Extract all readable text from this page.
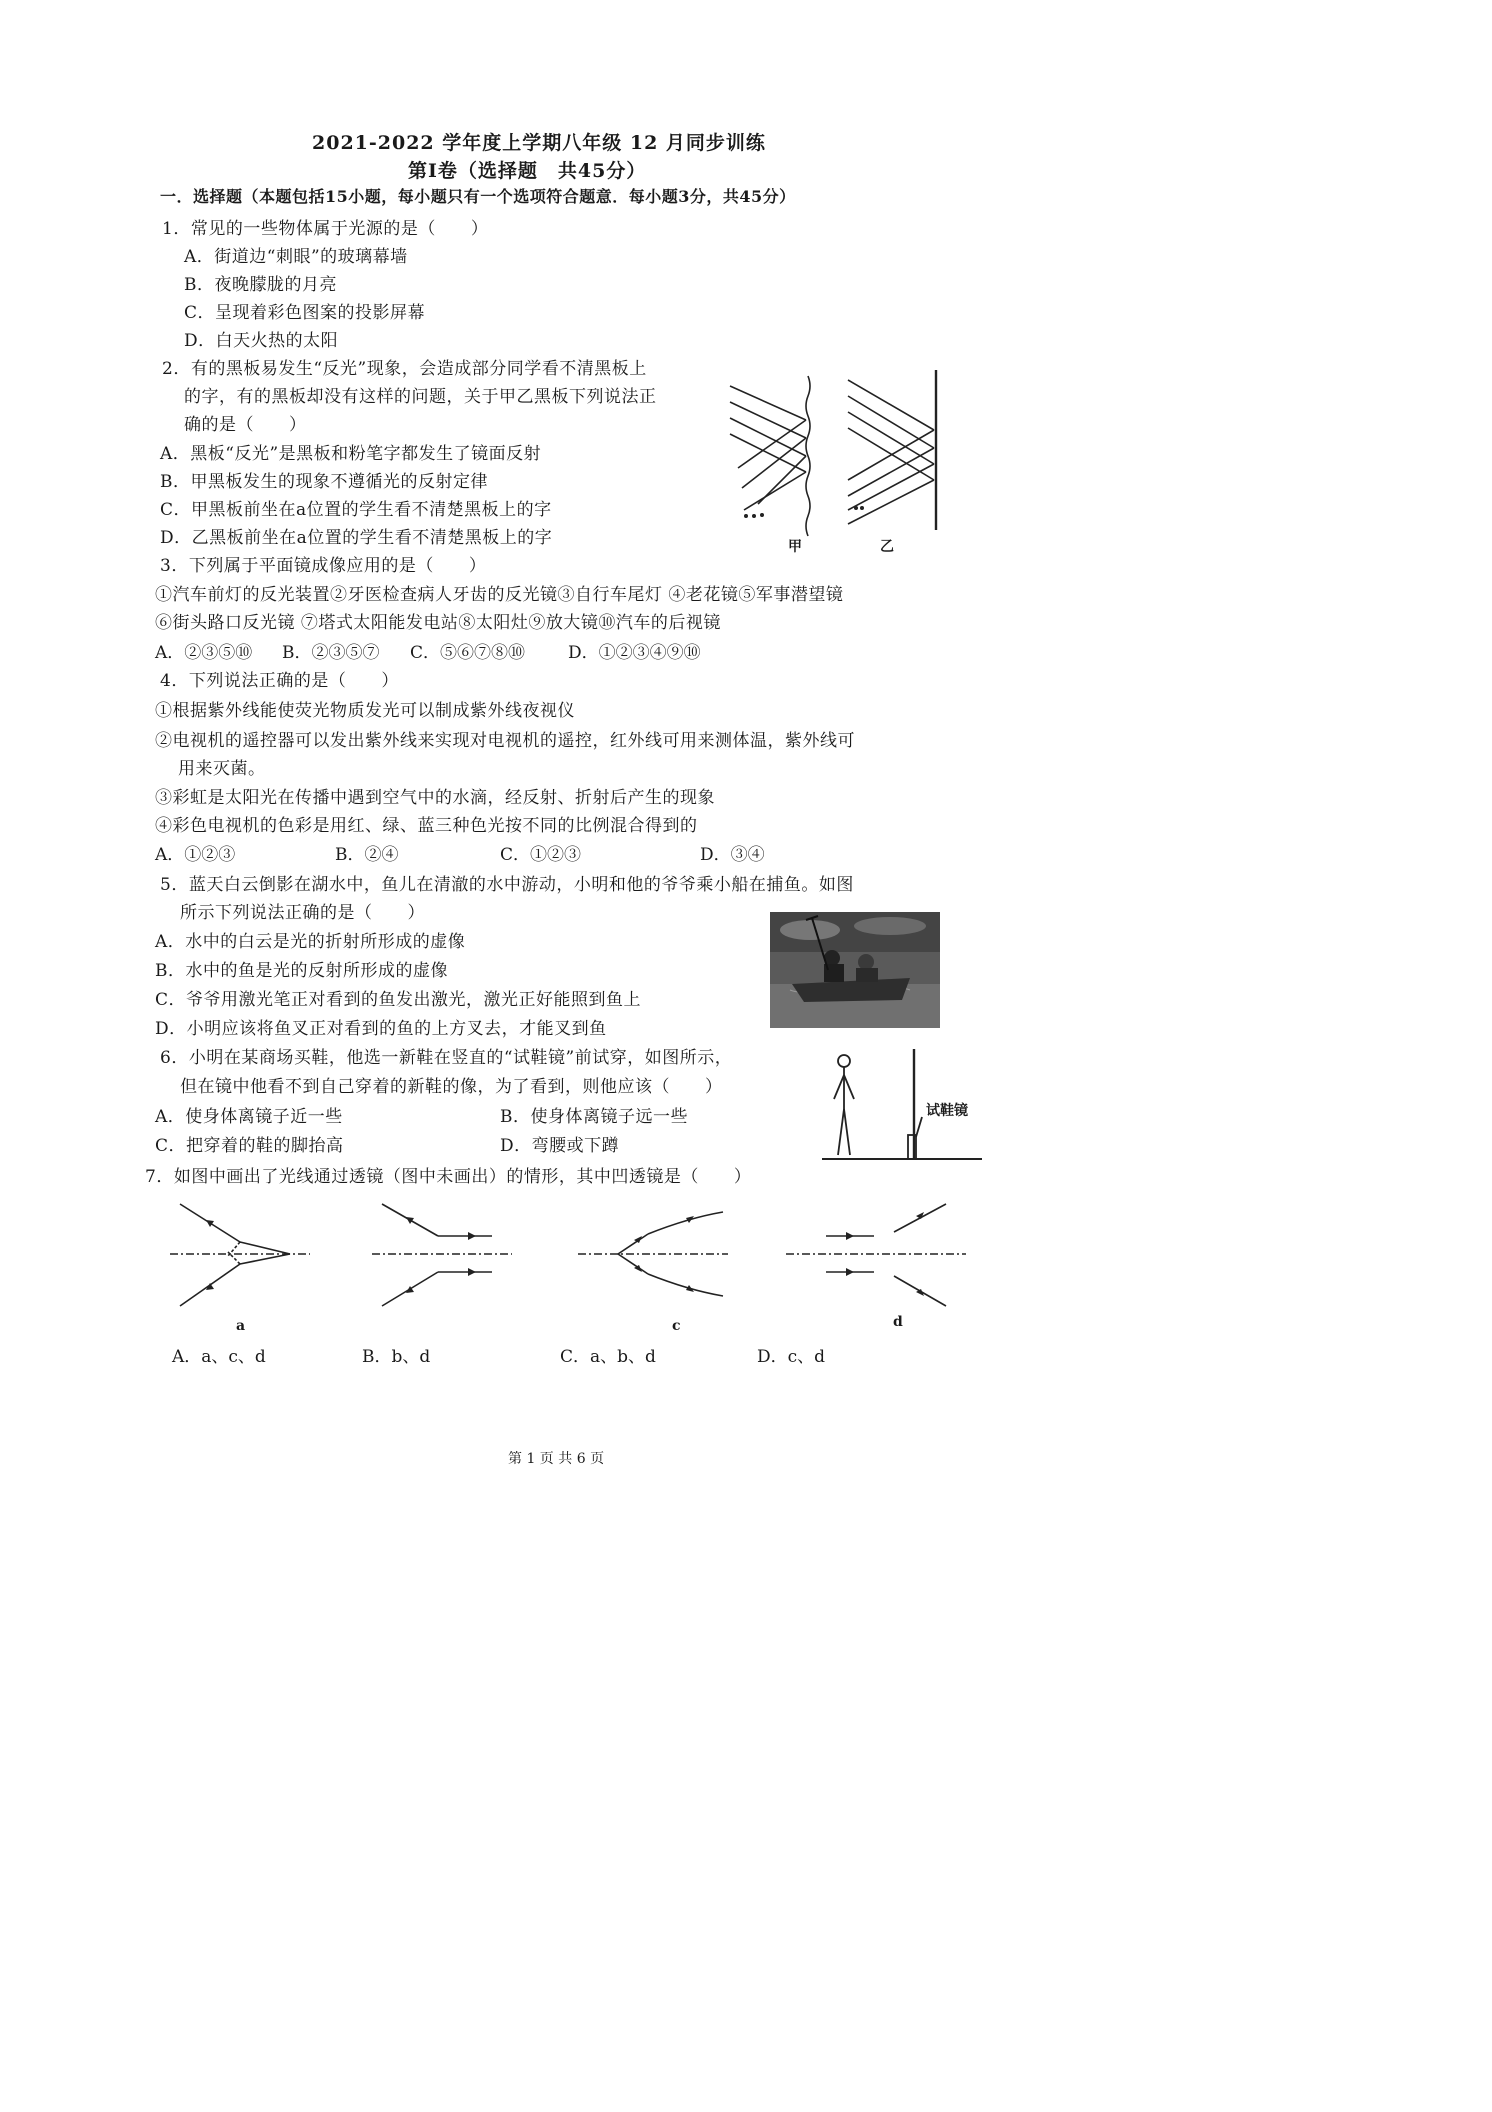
2021-2022 学年度上学期八年级 12 月同步训练
第Ⅰ卷（选择题　共45分）
一．选择题（本题包括15小题，每小题只有一个选项符合题意．每小题3分，共45分）
1．常见的一些物体属于光源的是（　　）
A．街道边“刺眼”的玻璃幕墙
B．夜晚朦胧的月亮
C．呈现着彩色图案的投影屏幕
D．白天火热的太阳
2．有的黑板易发生“反光”现象，会造成部分同学看不清黑板上
的字，有的黑板却没有这样的问题，关于甲乙黑板下列说法正
确的是（　　）
A．黑板“反光”是黑板和粉笔字都发生了镜面反射
B．甲黑板发生的现象不遵循光的反射定律
C．甲黑板前坐在a位置的学生看不清楚黑板上的字
D．乙黑板前坐在a位置的学生看不清楚黑板上的字	甲	乙
3．下列属于平面镜成像应用的是（　　）
①汽车前灯的反光装置②牙医检查病人牙齿的反光镜③自行车尾灯 ④老花镜⑤军事潜望镜
⑥街头路口反光镜 ⑦塔式太阳能发电站⑧太阳灶⑨放大镜⑩汽车的后视镜
A．②③⑤⑩ B．②③⑤⑦ C．⑤⑥⑦⑧⑩	D．①②③④⑨⑩
4．下列说法正确的是（　　）
①根据紫外线能使荧光物质发光可以制成紫外线夜视仪
②电视机的遥控器可以发出紫外线来实现对电视机的遥控，红外线可用来测体温，紫外线可
用来灭菌。
③彩虹是太阳光在传播中遇到空气中的水滴，经反射、折射后产生的现象
④彩色电视机的色彩是用红、绿、蓝三种色光按不同的比例混合得到的
A．①②③	B．②④	C．①②③	D．③④
5．蓝天白云倒影在湖水中，鱼儿在清澈的水中游动，小明和他的爷爷乘小船在捕鱼。如图
所示下列说法正确的是（　　）
A．水中的白云是光的折射所形成的虚像
B．水中的鱼是光的反射所形成的虚像
C．爷爷用激光笔正对看到的鱼发出激光，激光正好能照到鱼上
D．小明应该将鱼叉正对看到的鱼的上方叉去，才能叉到鱼
6．小明在某商场买鞋，他选一新鞋在竖直的“试鞋镜”前试穿，如图所示，
但在镜中他看不到自己穿着的新鞋的像，为了看到，则他应该（　　）
A．使身体离镜子近一些	B．使身体离镜子远一些
C．把穿着的鞋的脚抬高	D．弯腰或下蹲
试鞋镜
7．如图中画出了光线通过透镜（图中未画出）的情形，其中凹透镜是（　　）
a	c	d
A．a、c、d	B．b、d	C．a、b、d	D．c、d
第 1 页 共 6 页
